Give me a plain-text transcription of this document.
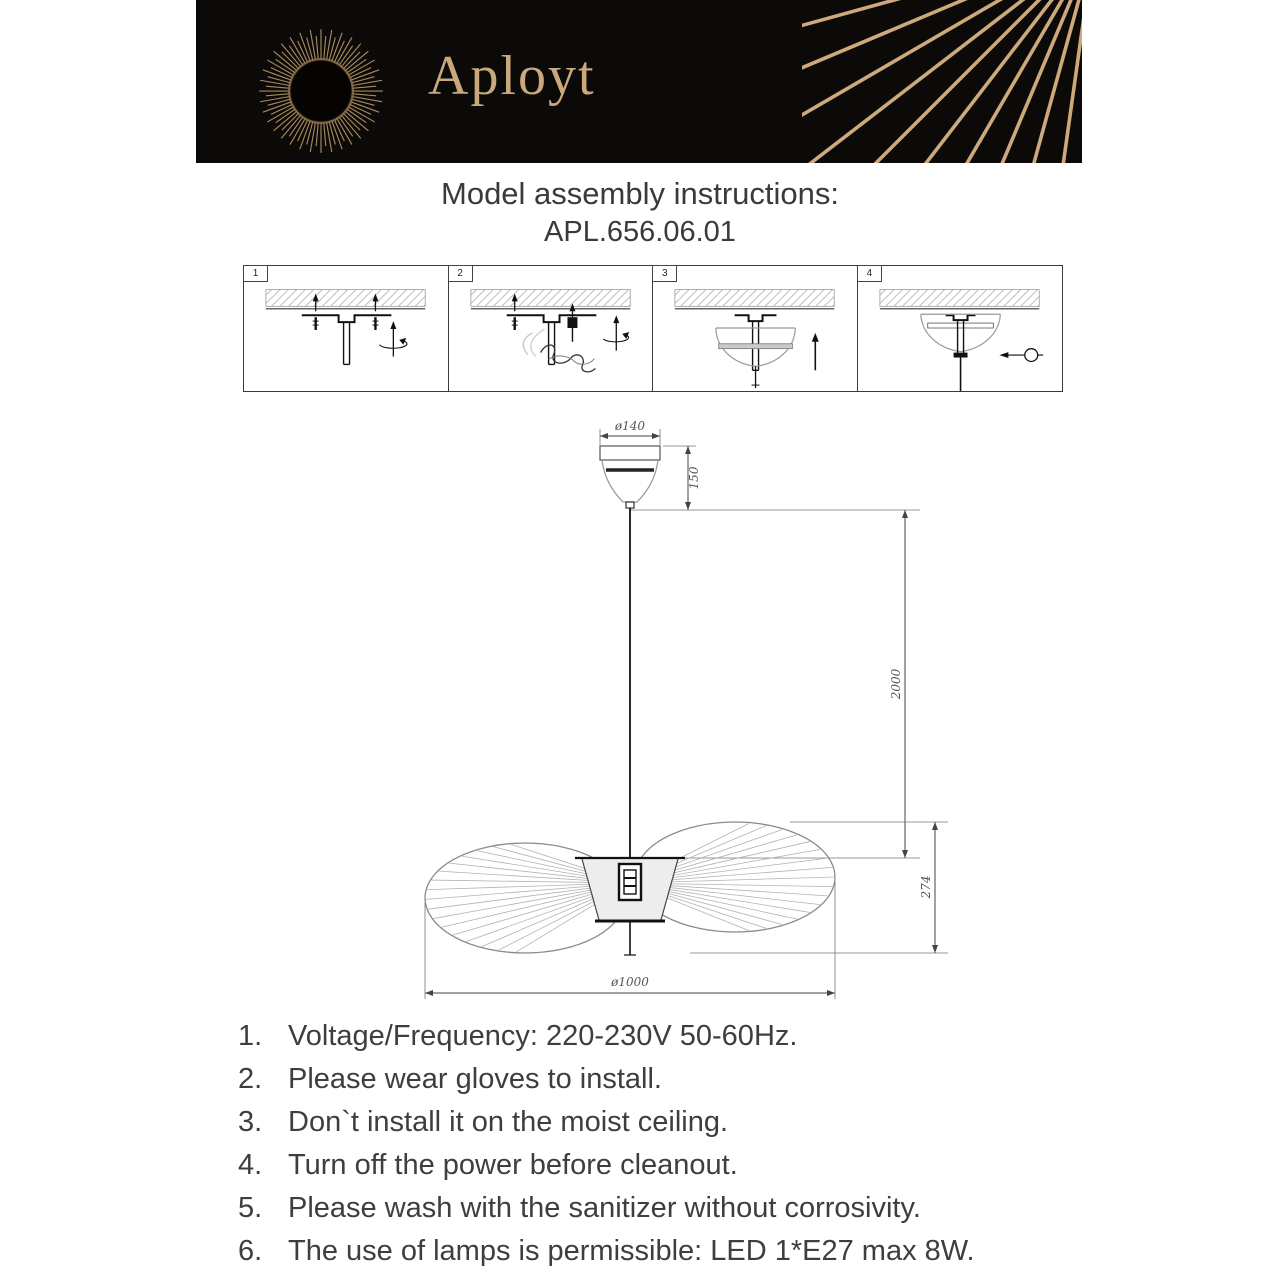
Aployt

Model assembly instructions:

APL.656.06.01

1	2	3	4
ø140
150
2000
274
ø1000
1. Voltage/Frequency: 220-230V 50-60Hz.
2. Please wear gloves to install.
3. Don`t install it on the moist ceiling.
4. Turn off the power before cleanout.
5. Please wash with the sanitizer without corrosivity.
6. The use of lamps is permissible: LED 1*E27 max 8W.
